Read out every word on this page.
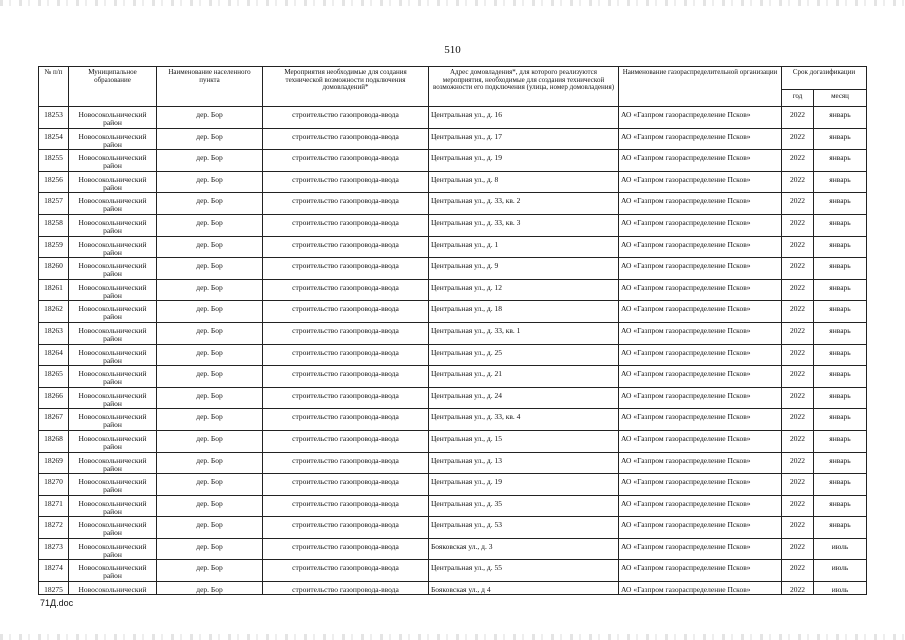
510
№ п/п	Муниципальное образование	Наименование населенного пункта	Мероприятия необходимые для создания технической возможности подключения домовладений*	Адрес домовладения*, для которого реализуются мероприятия, необходимые для создания технической возможности его подключения (улица, номер домовладения)	Наименование газораспределительной организации	Срок догазификации	
						год	месяц
18253	Новосокольнический район	дер. Бор	строительство газопровода-ввода	Центральная ул., д. 16	АО «Газпром газораспределение Псков»	2022	январь
18254	Новосокольнический район	дер. Бор	строительство газопровода-ввода	Центральная ул., д. 17	АО «Газпром газораспределение Псков»	2022	январь
18255	Новосокольнический район	дер. Бор	строительство газопровода-ввода	Центральная ул., д. 19	АО «Газпром газораспределение Псков»	2022	январь
18256	Новосокольнический район	дер. Бор	строительство газопровода-ввода	Центральная ул., д. 8	АО «Газпром газораспределение Псков»	2022	январь
18257	Новосокольнический район	дер. Бор	строительство газопровода-ввода	Центральная ул., д. 33, кв. 2	АО «Газпром газораспределение Псков»	2022	январь
18258	Новосокольнический район	дер. Бор	строительство газопровода-ввода	Центральная ул., д. 33, кв. 3	АО «Газпром газораспределение Псков»	2022	январь
18259	Новосокольнический район	дер. Бор	строительство газопровода-ввода	Центральная ул., д. 1	АО «Газпром газораспределение Псков»	2022	январь
18260	Новосокольнический район	дер. Бор	строительство газопровода-ввода	Центральная ул., д. 9	АО «Газпром газораспределение Псков»	2022	январь
18261	Новосокольнический район	дер. Бор	строительство газопровода-ввода	Центральная ул., д. 12	АО «Газпром газораспределение Псков»	2022	январь
18262	Новосокольнический район	дер. Бор	строительство газопровода-ввода	Центральная ул., д. 18	АО «Газпром газораспределение Псков»	2022	январь
18263	Новосокольнический район	дер. Бор	строительство газопровода-ввода	Центральная ул., д. 33, кв. 1	АО «Газпром газораспределение Псков»	2022	январь
18264	Новосокольнический район	дер. Бор	строительство газопровода-ввода	Центральная ул., д. 25	АО «Газпром газораспределение Псков»	2022	январь
18265	Новосокольнический район	дер. Бор	строительство газопровода-ввода	Центральная ул., д. 21	АО «Газпром газораспределение Псков»	2022	январь
18266	Новосокольнический район	дер. Бор	строительство газопровода-ввода	Центральная ул., д. 24	АО «Газпром газораспределение Псков»	2022	январь
18267	Новосокольнический район	дер. Бор	строительство газопровода-ввода	Центральная ул., д. 33, кв. 4	АО «Газпром газораспределение Псков»	2022	январь
18268	Новосокольнический район	дер. Бор	строительство газопровода-ввода	Центральная ул., д. 15	АО «Газпром газораспределение Псков»	2022	январь
18269	Новосокольнический район	дер. Бор	строительство газопровода-ввода	Центральная ул., д. 13	АО «Газпром газораспределение Псков»	2022	январь
18270	Новосокольнический район	дер. Бор	строительство газопровода-ввода	Центральная ул., д. 19	АО «Газпром газораспределение Псков»	2022	январь
18271	Новосокольнический район	дер. Бор	строительство газопровода-ввода	Центральная ул., д. 35	АО «Газпром газораспределение Псков»	2022	январь
18272	Новосокольнический район	дер. Бор	строительство газопровода-ввода	Центральная ул., д. 53	АО «Газпром газораспределение Псков»	2022	январь
18273	Новосокольнический район	дер. Бор	строительство газопровода-ввода	Бояковская ул., д. 3	АО «Газпром газораспределение Псков»	2022	июль
18274	Новосокольнический район	дер. Бор	строительство газопровода-ввода	Центральная ул., д. 55	АО «Газпром газораспределение Псков»	2022	июль
18275	Новосокольнический	дер. Бор	строительство газопровода-ввода	Бояковская ул., д 4	АО «Газпром газораспределение Псков»	2022	июль
71Д.doc
